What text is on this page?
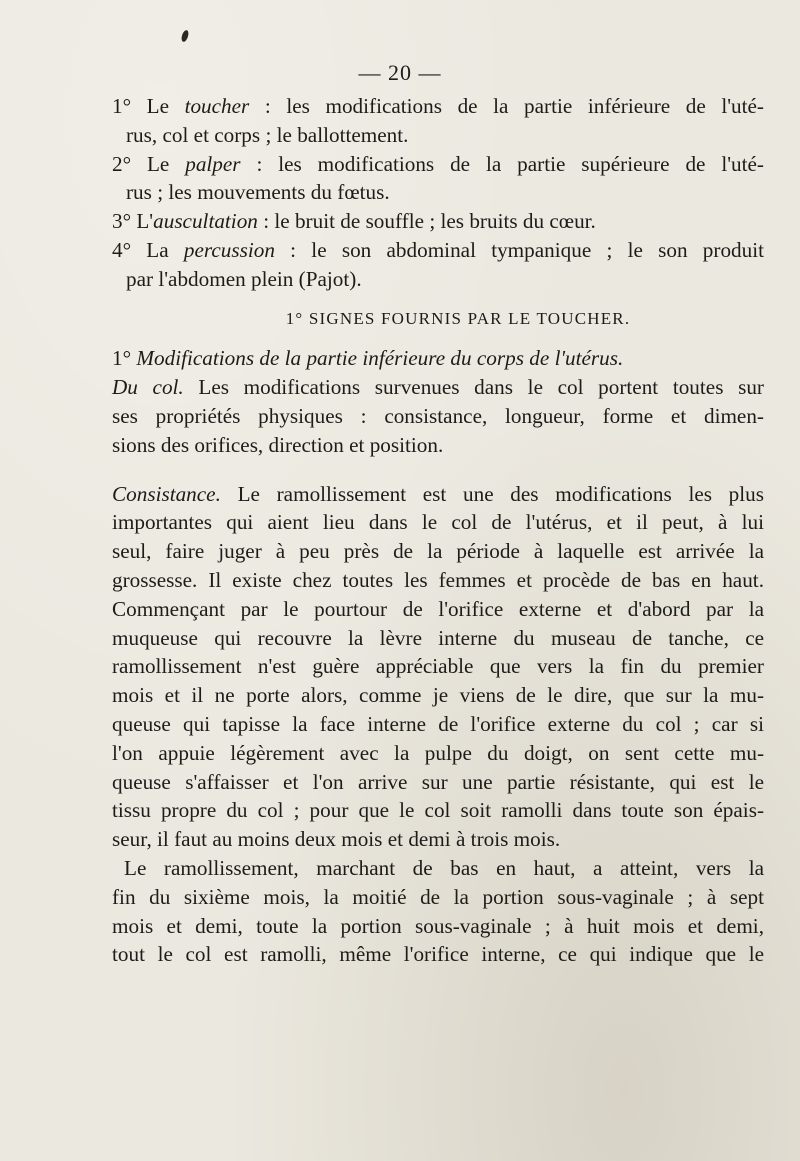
— 20 —
1° Le toucher : les modifications de la partie inférieure de l'uté-
rus, col et corps ; le ballottement.
2° Le palper : les modifications de la partie supérieure de l'uté-
rus ; les mouvements du fœtus.
3° L'auscultation : le bruit de souffle ; les bruits du cœur.
4° La percussion : le son abdominal tympanique ; le son produit
par l'abdomen plein (Pajot).
1° SIGNES FOURNIS PAR LE TOUCHER.
1° Modifications de la partie inférieure du corps de l'utérus.
Du col. Les modifications survenues dans le col portent toutes sur
ses propriétés physiques : consistance, longueur, forme et dimen-
sions des orifices, direction et position.
Consistance. Le ramollissement est une des modifications les plus
importantes qui aient lieu dans le col de l'utérus, et il peut, à lui
seul, faire juger à peu près de la période à laquelle est arrivée la
grossesse. Il existe chez toutes les femmes et procède de bas en haut.
Commençant par le pourtour de l'orifice externe et d'abord par la
muqueuse qui recouvre la lèvre interne du museau de tanche, ce
ramollissement n'est guère appréciable que vers la fin du premier
mois et il ne porte alors, comme je viens de le dire, que sur la mu-
queuse qui tapisse la face interne de l'orifice externe du col ; car si
l'on appuie légèrement avec la pulpe du doigt, on sent cette mu-
queuse s'affaisser et l'on arrive sur une partie résistante, qui est le
tissu propre du col ; pour que le col soit ramolli dans toute son épais-
seur, il faut au moins deux mois et demi à trois mois.
Le ramollissement, marchant de bas en haut, a atteint, vers la
fin du sixième mois, la moitié de la portion sous-vaginale ; à sept
mois et demi, toute la portion sous-vaginale ; à huit mois et demi,
tout le col est ramolli, même l'orifice interne, ce qui indique que le
